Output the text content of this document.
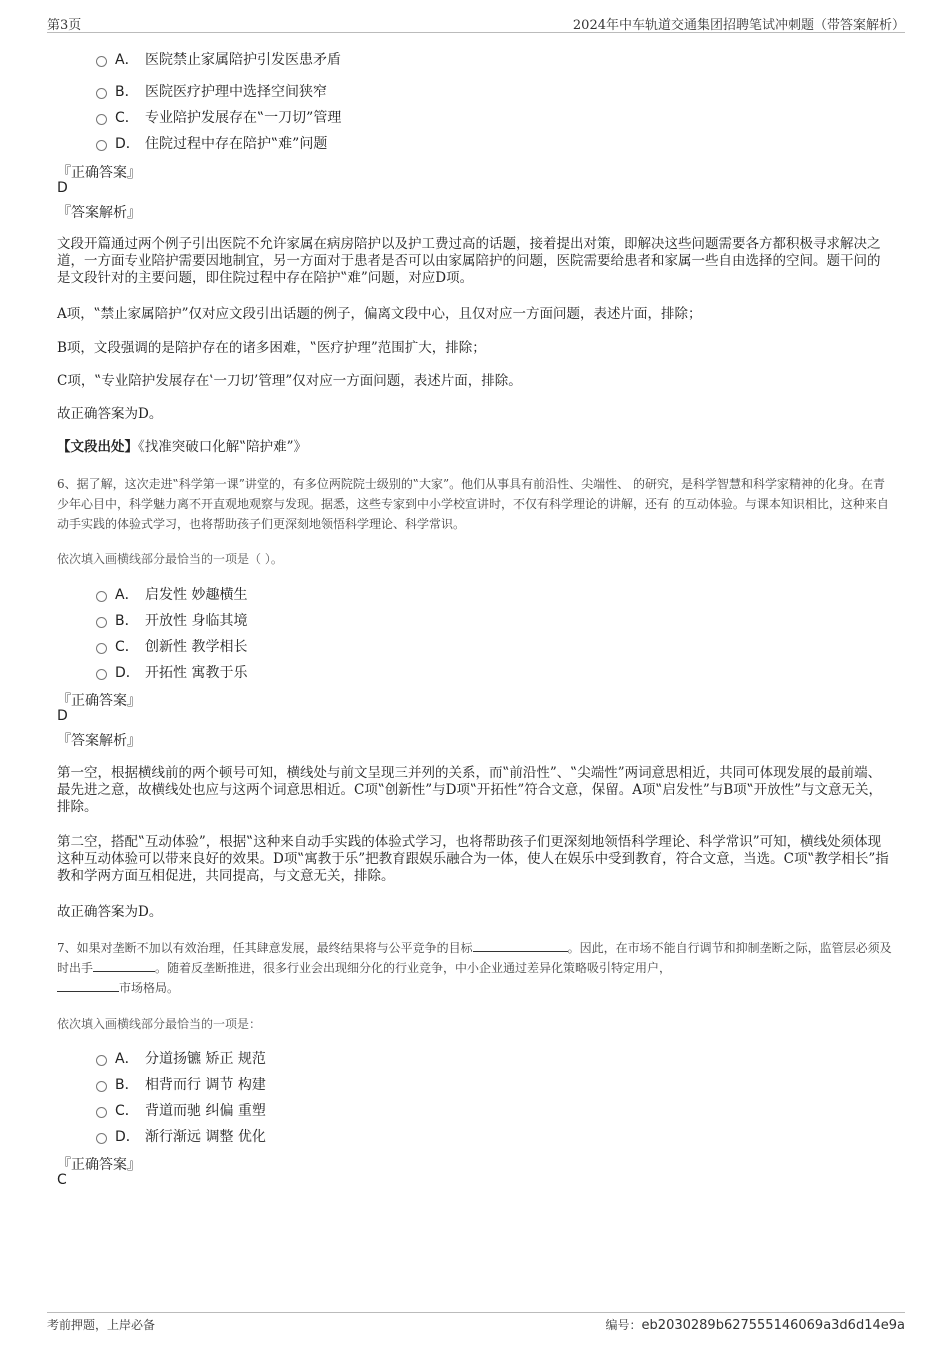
第3页	2024年中车轨道交通集团招聘笔试冲刺题（带答案解析）
A． 医院禁止家属陪护引发医患矛盾
B． 医院医疗护理中选择空间狭窄
C． 专业陪护发展存在‟一刀切”管理
D． 住院过程中存在陪护‟难”问题
『正确答案』
D
『答案解析』
文段开篇通过两个例子引出医院不允许家属在病房陪护以及护工费过高的话题，接着提出对策，即解决这些问题需要各方都积极寻求解决之道，一方面专业陪护需要因地制宜，另一方面对于患者是否可以由家属陪护的问题，医院需要给患者和家属一些自由选择的空间。题干问的是文段针对的主要问题，即住院过程中存在陪护‟难”问题，对应D项。
A项，‟禁止家属陪护”仅对应文段引出话题的例子，偏离文段中心，且仅对应一方面问题，表述片面，排除；
B项，文段强调的是陪护存在的诸多困难，‟医疗护理”范围扩大，排除；
C项，‟专业陪护发展存在‛一刀切’管理”仅对应一方面问题，表述片面，排除。
故正确答案为D。
【文段出处】《找准突破口化解‟陪护难”》
6、据了解，这次走进‟科学第一课”讲堂的，有多位两院院士级别的‟大家”。他们从事具有前沿性、尖端性、 的研究，是科学智慧和科学家精神的化身。在青少年心目中，科学魅力离不开直观地观察与发现。据悉，这些专家到中小学校宣讲时，不仅有科学理论的讲解，还有 的互动体验。与课本知识相比，这种来自动手实践的体验式学习，也将帮助孩子们更深刻地领悟科学理论、科学常识。
依次填入画横线部分最恰当的一项是（ ）。
A． 启发性 妙趣横生
B． 开放性 身临其境
C． 创新性 教学相长
D． 开拓性 寓教于乐
『正确答案』
D
『答案解析』
第一空，根据横线前的两个顿号可知，横线处与前文呈现三并列的关系，而‟前沿性”、‟尖端性”两词意思相近，共同可体现发展的最前端、最先进之意，故横线处也应与这两个词意思相近。C项‟创新性”与D项‟开拓性”符合文意，保留。A项‟启发性”与B项‟开放性”与文意无关，排除。
第二空，搭配‟互动体验”，根据‟这种来自动手实践的体验式学习，也将帮助孩子们更深刻地领悟科学理论、科学常识”可知，横线处须体现这种互动体验可以带来良好的效果。D项‟寓教于乐”把教育跟娱乐融合为一体，使人在娱乐中受到教育，符合文意，当选。C项‟教学相长”指教和学两方面互相促进，共同提高，与文意无关，排除。
故正确答案为D。
7、如果对垄断不加以有效治理，任其肆意发展，最终结果将与公平竞争的目标	。因此，在市场不能自行调节和抑制垄断之际，监管层必须及时出手	。随着反垄断推进，很多行业会出现细分化的行业竞争，中小企业通过差异化策略吸引特定用户，
市场格局。
依次填入画横线部分最恰当的一项是：
A． 分道扬镳 矫正 规范
B． 相背而行 调节 构建
C． 背道而驰 纠偏 重塑
D． 渐行渐远 调整 优化
『正确答案』
C
考前押题，上岸必备	编号：eb2030289b627555146069a3d6d14e9a
